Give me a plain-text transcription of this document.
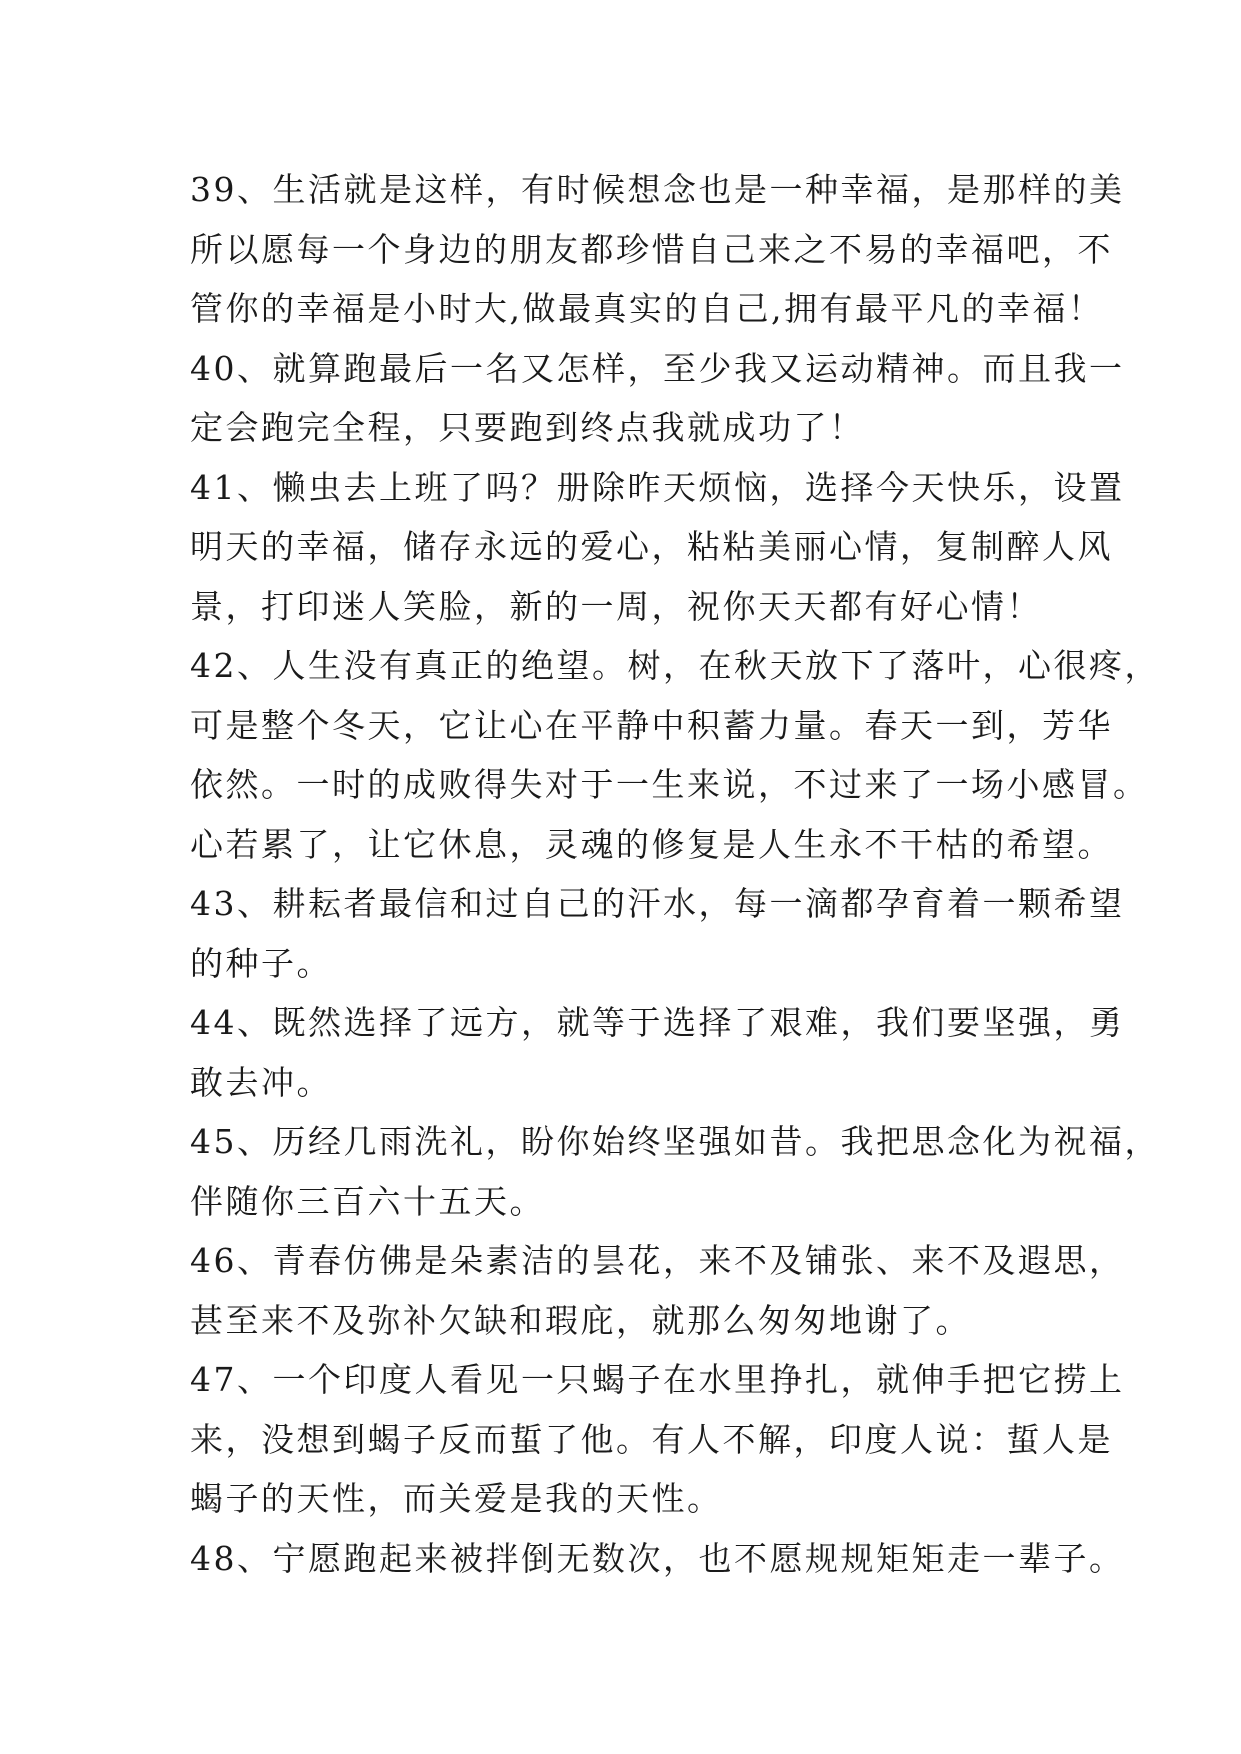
39、生活就是这样，有时候想念也是一种幸福，是那样的美
所以愿每一个身边的朋友都珍惜自己来之不易的幸福吧，不
管你的幸福是小时大,做最真实的自己,拥有最平凡的幸福！
40、就算跑最后一名又怎样，至少我又运动精神。而且我一
定会跑完全程，只要跑到终点我就成功了！
41、懒虫去上班了吗？册除昨天烦恼，选择今天快乐，设置
明天的幸福，储存永远的爱心，粘粘美丽心情，复制醉人风
景，打印迷人笑脸，新的一周，祝你天天都有好心情！
42、人生没有真正的绝望。树，在秋天放下了落叶，心很疼，
可是整个冬天，它让心在平静中积蓄力量。春天一到，芳华
依然。一时的成败得失对于一生来说，不过来了一场小感冒。
心若累了，让它休息，灵魂的修复是人生永不干枯的希望。
43、耕耘者最信和过自己的汗水，每一滴都孕育着一颗希望
的种子。
44、既然选择了远方，就等于选择了艰难，我们要坚强，勇
敢去冲。
45、历经几雨洗礼，盼你始终坚强如昔。我把思念化为祝福，
伴随你三百六十五天。
46、青春仿佛是朵素洁的昙花，来不及铺张、来不及遐思，
甚至来不及弥补欠缺和瑕庇，就那么匆匆地谢了。
47、一个印度人看见一只蝎子在水里挣扎，就伸手把它捞上
来，没想到蝎子反而蜇了他。有人不解，印度人说：蜇人是
蝎子的天性，而关爱是我的天性。
48、宁愿跑起来被拌倒无数次，也不愿规规矩矩走一辈子。
